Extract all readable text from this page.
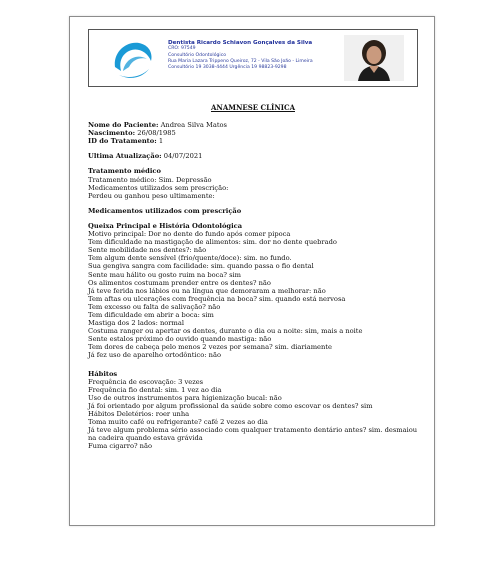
Dentista Ricardo Schiavon Gonçalves da Silva
CRO: 97549
Consultório Odontológico
Rua Maria Lazara Trippeno Queiroz, 72 - Vila São João - Limeira
Consultório 19 3038-4444 Urgência 19 98823-9298
ANAMNESE CLÍNICA
Nome do Paciente: Andrea Silva Matos
Nascimento: 26/08/1985
ID do Tratamento: 1
Ultima Atualização: 04/07/2021
Tratamento médico
Tratamento médico: Sim. Depressão
Medicamentos utilizados sem prescrição:
Perdeu ou ganhou peso ultimamente:
Medicamentos utilizados com prescrição
Queixa Principal e História Odontológica
Motivo principal: Dor no dente do fundo após comer pipoca
Tem dificuldade na mastigação de alimentos: sim. dor no dente quebrado
Sente mobilidade nos dentes?: não
Tem algum dente sensível (frio/quente/doce): sim. no fundo.
Sua gengiva sangra com facilidade: sim. quando passa o fio dental
Sente mau hálito ou gosto ruim na boca? sim
Os alimentos costumam prender entre os dentes? não
Já teve ferida nos lábios ou na língua que demoraram a melhorar: não
Tem aftas ou ulcerações com frequência na boca? sim. quando está nervosa
Tem excesso ou falta de salivação? não
Tem dificuldade em abrir a boca: sim
Mastiga dos 2 lados: normal
Costuma ranger ou apertar os dentes, durante o dia ou a noite: sim, mais a noite
Sente estalos próximo do ouvido quando mastiga: não
Tem dores de cabeça pelo menos 2 vezes por semana? sim. diariamente
Já fez uso de aparelho ortodôntico: não
Hábitos
Frequência de escovação: 3 vezes
Frequência fio dental: sim. 1 vez ao dia
Uso de outros instrumentos para higienização bucal: não
Já foi orientado por algum profissional da saúde sobre como escovar os dentes? sim
Hábitos Deletérios: roer unha
Toma muito café ou refrigerante? café 2 vezes ao dia
Já teve algum problema sério associado com qualquer tratamento dentário antes? sim. desmaiou na cadeira quando estava grávida
Fuma cigarro? não
